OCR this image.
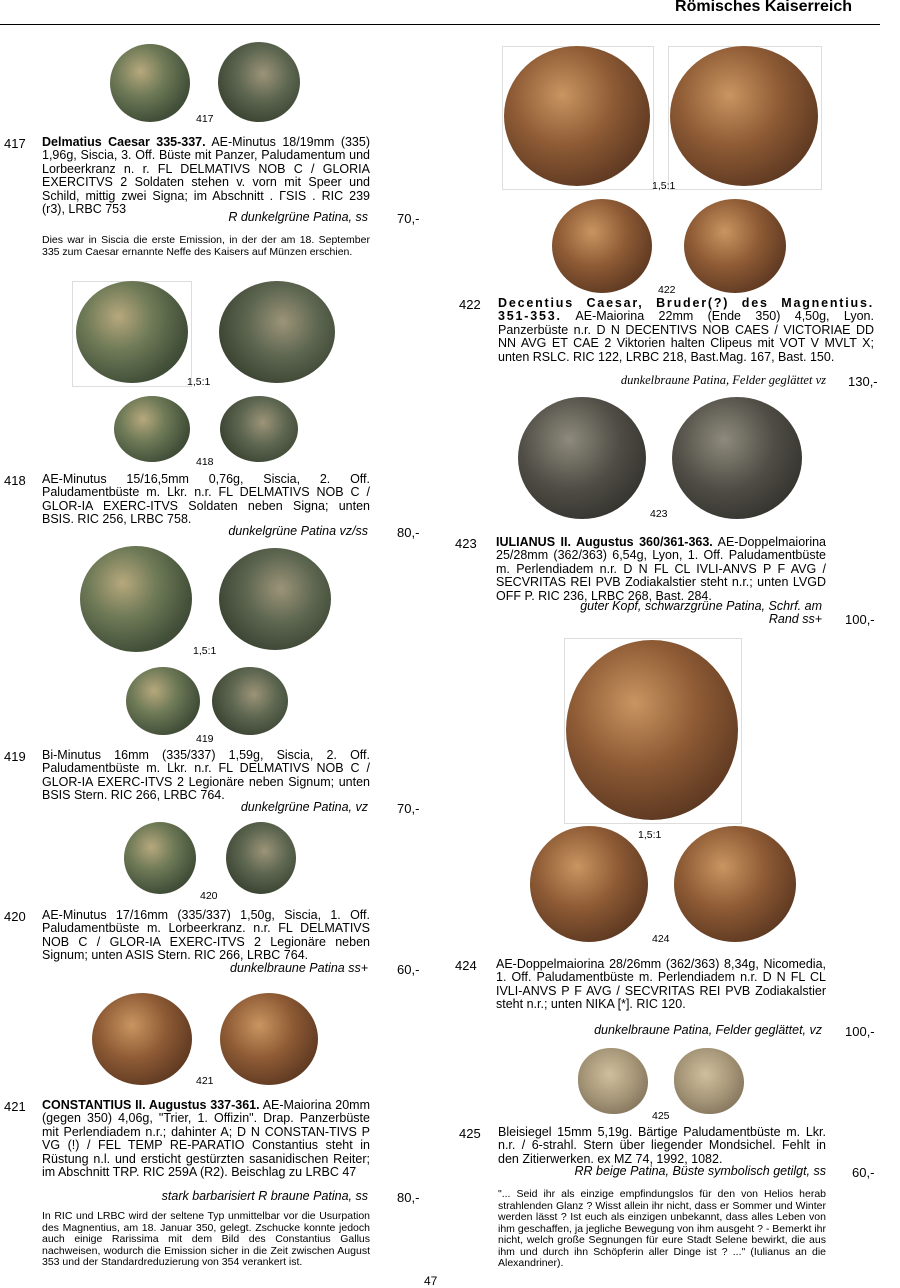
Römisches Kaiserreich
417
417 Delmatius Caesar 335-337. AE-Minutus 18/19mm (335) 1,96g, Siscia, 3. Off. Büste mit Panzer, Paludamentum und Lorbeerkranz n. r. FL DELMATIVS NOB C / GLORIA EXERCITVS 2 Soldaten stehen v. vorn mit Speer und Schild, mittig zwei Signa; im Abschnitt . ΓSIS . RIC 239 (r3), LRBC 753
R dunkelgrüne Patina, ss 70,-
Dies war in Siscia die erste Emission, in der der am 18. September 335 zum Caesar ernannte Neffe des Kaisers auf Münzen erschien.
1,5:1
418
418 AE-Minutus 15/16,5mm 0,76g, Siscia, 2. Off. Paludamentbüste m. Lkr. n.r. FL DELMATIVS NOB C / GLOR-IA EXERC-ITVS Soldaten neben Signa; unten BSIS. RIC 256, LRBC 758.
dunkelgrüne Patina vz/ss 80,-
1,5:1
419
419 Bi-Minutus 16mm (335/337) 1,59g, Siscia, 2. Off. Paludamentbüste m. Lkr. n.r. FL DELMATIVS NOB C / GLOR-IA EXERC-ITVS 2 Legionäre neben Signum; unten BSIS Stern. RIC 266, LRBC 764.
dunkelgrüne Patina, vz 70,-
420
420 AE-Minutus 17/16mm (335/337) 1,50g, Siscia, 1. Off. Paludamentbüste m. Lorbeerkranz. n.r. FL DELMATIVS NOB C / GLOR-IA EXERC-ITVS 2 Legionäre neben Signum; unten ASIS Stern. RIC 266, LRBC 764.
dunkelbraune Patina ss+ 60,-
421
421 CONSTANTIUS II. Augustus 337-361. AE-Maiorina 20mm (gegen 350) 4,06g, "Trier, 1. Offizin". Drap. Panzerbüste mit Perlendiadem n.r.; dahinter A; D N CONSTAN-TIVS P VG (!) / FEL TEMP RE-PARATIO Constantius steht in Rüstung n.l. und ersticht gestürzten sasanidischen Reiter; im Abschnitt TRP. RIC 259A (R2). Beischlag zu LRBC 47
stark barbarisiert R braune Patina, ss 80,-
In RIC und LRBC wird der seltene Typ unmittelbar vor die Usurpation des Magnentius, am 18. Januar 350, gelegt. Zschucke konnte jedoch auch einige Rarissima mit dem Bild des Constantius Gallus nachweisen, wodurch die Emission sicher in die Zeit zwischen August 353 und der Standardreduzierung von 354 verankert ist.
1,5:1
422
422 Decentius Caesar, Bruder(?) des Magnentius. 351-353. AE-Maiorina 22mm (Ende 350) 4,50g, Lyon. Panzerbüste n.r. D N DECENTIVS NOB CAES / VICTORIAE DD NN AVG ET CAE 2 Viktorien halten Clipeus mit VOT V MVLT X; unten RSLC. RIC 122, LRBC 218, Bast.Mag. 167, Bast. 150.
dunkelbraune Patina, Felder geglättet vz 130,-
423
423 IULIANUS II. Augustus 360/361-363. AE-Doppelmaiorina 25/28mm (362/363) 6,54g, Lyon, 1. Off. Paludamentbüste m. Perlendiadem n.r. D N FL CL IVLI-ANVS P F AVG / SECVRITAS REI PVB Zodiakalstier steht n.r.; unten LVGD OFF P. RIC 236, LRBC 268, Bast. 284.
guter Kopf, schwarzgrüne Patina, Schrf. am Rand ss+ 100,-
1,5:1
424
424 AE-Doppelmaiorina 28/26mm (362/363) 8,34g, Nicomedia, 1. Off. Paludamentbüste m. Perlendiadem n.r. D N FL CL IVLI-ANVS P F AVG / SECVRITAS REI PVB Zodiakalstier steht n.r.; unten NIKA [*]. RIC 120.
dunkelbraune Patina, Felder geglättet, vz 100,-
425
425 Bleisiegel 15mm 5,19g. Bärtige Paludamentbüste m. Lkr. n.r. / 6-strahl. Stern über liegender Mondsichel. Fehlt in den Zitierwerken. ex MZ 74, 1992, 1082.
RR beige Patina, Büste symbolisch getilgt, ss 60,-
"... Seid ihr als einzige empfindungslos für den von Helios herab strahlenden Glanz ? Wisst allein ihr nicht, dass er Sommer und Winter werden lässt ? Ist euch als einzigen unbekannt, dass alles Leben von ihm geschaffen, ja jegliche Bewegung von ihm ausgeht ? - Bemerkt ihr nicht, welch große Segnungen für eure Stadt Selene bewirkt, die aus ihm und durch ihn Schöpferin aller Dinge ist ? ..." (Iulianus an die Alexandriner).
47
